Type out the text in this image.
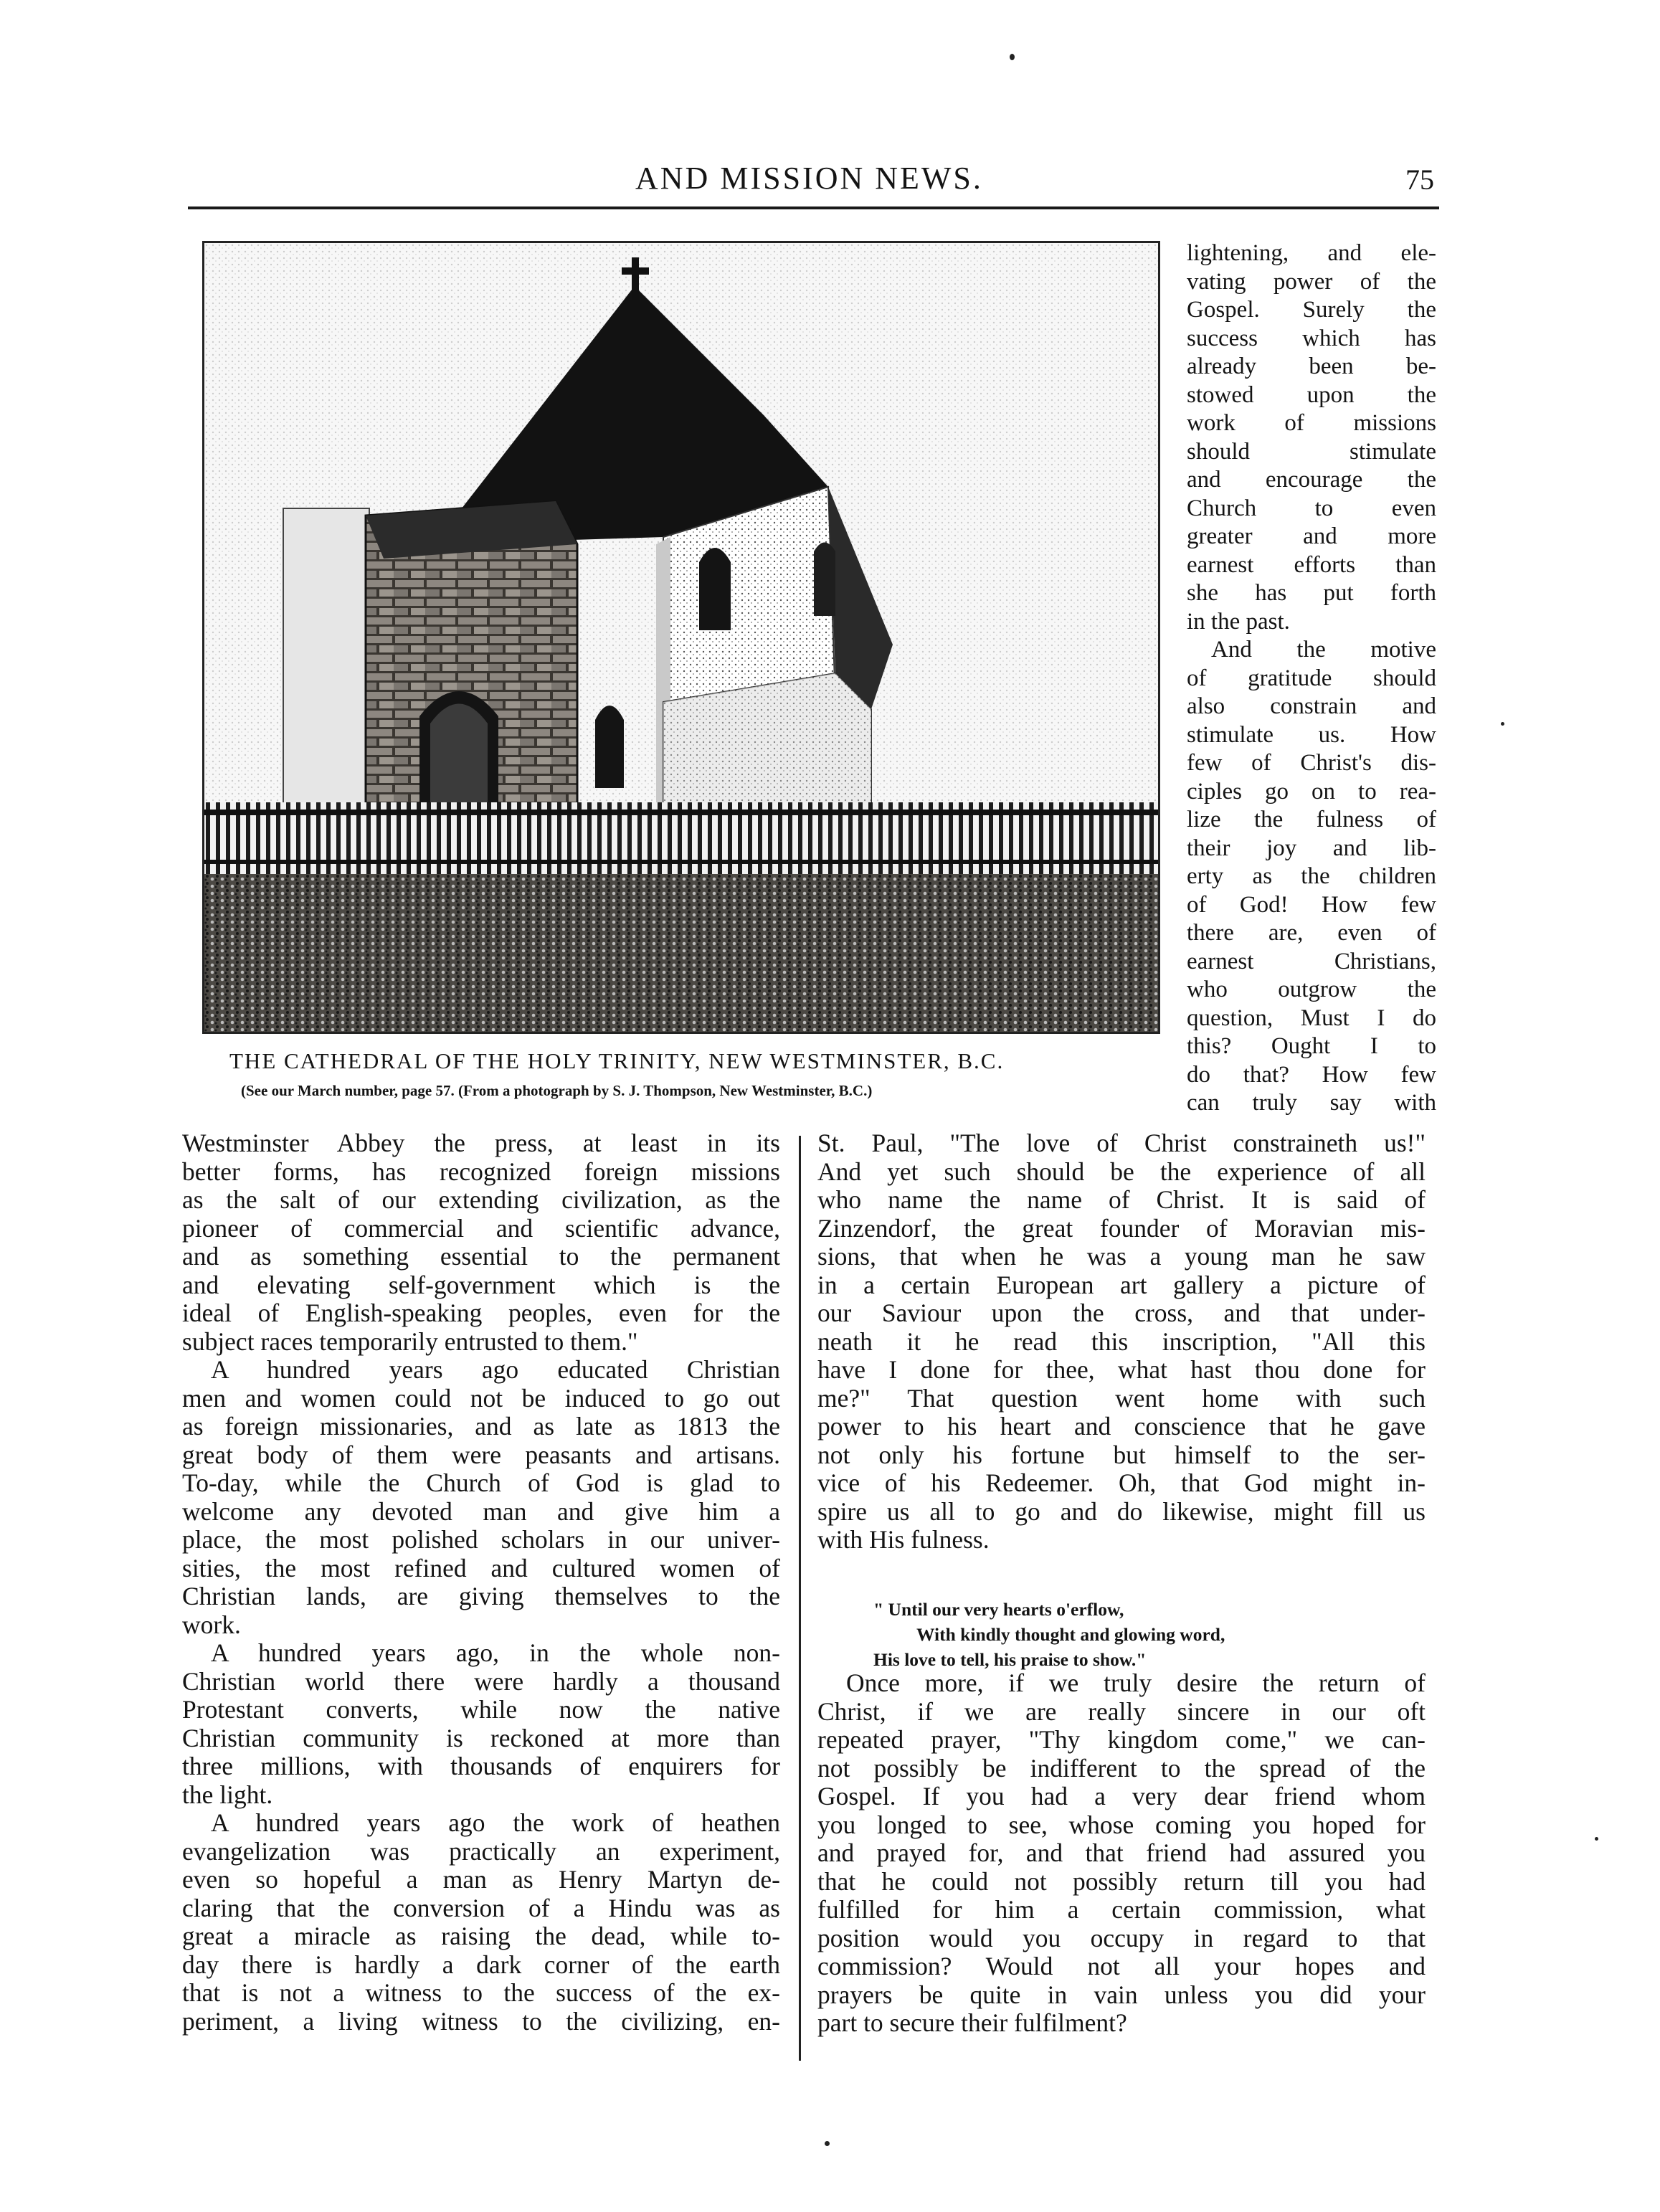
AND MISSION NEWS.	75
THE CATHEDRAL OF THE HOLY TRINITY, NEW WESTMINSTER, B.C.
(See our March number, page 57. (From a photograph by S. J. Thompson, New Westminster, B.C.)
lightening, and ele-
vating power of the
Gospel. Surely the
success which has
already been be-
stowed upon the
work of missions
should stimulate
and encourage the
Church to even
greater and more
earnest efforts than
she has put forth
in the past.
And the motive
of gratitude should
also constrain and
stimulate us. How
few of Christ's dis-
ciples go on to rea-
lize the fulness of
their joy and lib-
erty as the children
of God! How few
there are, even of
earnest Christians,
who outgrow the
question, Must I do
this? Ought I to
do that? How few
can truly say with
Westminster Abbey the press, at least in its
better forms, has recognized foreign missions
as the salt of our extending civilization, as the
pioneer of commercial and scientific advance,
and as something essential to the permanent
and elevating self-government which is the
ideal of English-speaking peoples, even for the
subject races temporarily entrusted to them."
A hundred years ago educated Christian
men and women could not be induced to go out
as foreign missionaries, and as late as 1813 the
great body of them were peasants and artisans.
To-day, while the Church of God is glad to
welcome any devoted man and give him a
place, the most polished scholars in our univer-
sities, the most refined and cultured women of
Christian lands, are giving themselves to the
work.
A hundred years ago, in the whole non-
Christian world there were hardly a thousand
Protestant converts, while now the native
Christian community is reckoned at more than
three millions, with thousands of enquirers for
the light.
A hundred years ago the work of heathen
evangelization was practically an experiment,
even so hopeful a man as Henry Martyn de-
claring that the conversion of a Hindu was as
great a miracle as raising the dead, while to-
day there is hardly a dark corner of the earth
that is not a witness to the success of the ex-
periment, a living witness to the civilizing, en-
St. Paul, "The love of Christ constraineth us!"
And yet such should be the experience of all
who name the name of Christ. It is said of
Zinzendorf, the great founder of Moravian mis-
sions, that when he was a young man he saw
in a certain European art gallery a picture of
our Saviour upon the cross, and that under-
neath it he read this inscription, "All this
have I done for thee, what hast thou done for
me?" That question went home with such
power to his heart and conscience that he gave
not only his fortune but himself to the ser-
vice of his Redeemer. Oh, that God might in-
spire us all to go and do likewise, might fill us
with His fulness.
" Until our very hearts o'erflow,
With kindly thought and glowing word,
His love to tell, his praise to show."
Once more, if we truly desire the return of
Christ, if we are really sincere in our oft
repeated prayer, "Thy kingdom come," we can-
not possibly be indifferent to the spread of the
Gospel. If you had a very dear friend whom
you longed to see, whose coming you hoped for
and prayed for, and that friend had assured you
that he could not possibly return till you had
fulfilled for him a certain commission, what
position would you occupy in regard to that
commission? Would not all your hopes and
prayers be quite in vain unless you did your
part to secure their fulfilment?
